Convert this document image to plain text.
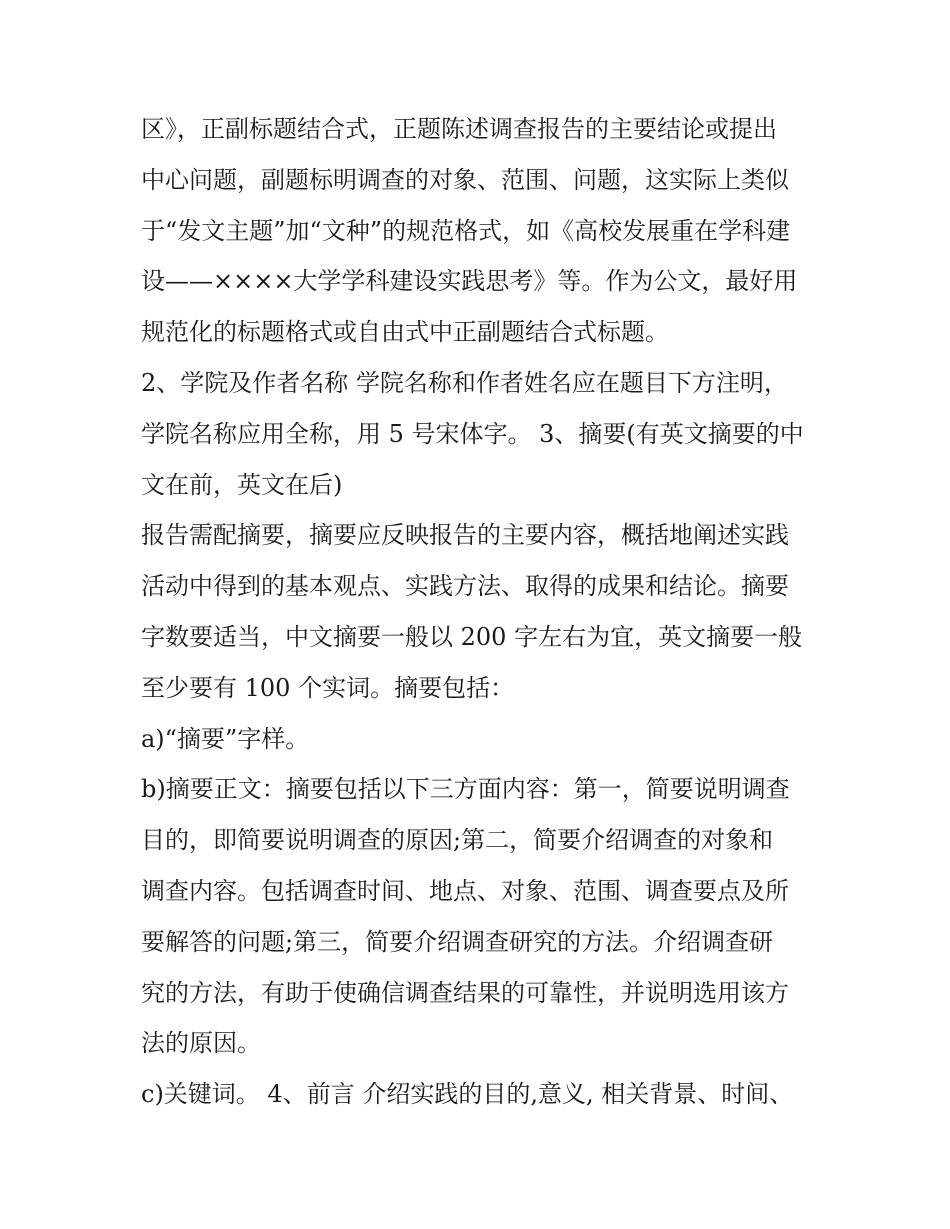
区》，正副标题结合式，正题陈述调查报告的主要结论或提出
中心问题，副题标明调查的对象、范围、问题，这实际上类似
于“发文主题”加“文种”的规范格式，如《高校发展重在学科建
设——××××大学学科建设实践思考》等。作为公文，最好用
规范化的标题格式或自由式中正副题结合式标题。
2、学院及作者名称 学院名称和作者姓名应在题目下方注明，
学院名称应用全称，用 5 号宋体字。 3、摘要(有英文摘要的中
文在前，英文在后)
报告需配摘要，摘要应反映报告的主要内容，概括地阐述实践
活动中得到的基本观点、实践方法、取得的成果和结论。摘要
字数要适当，中文摘要一般以 200 字左右为宜，英文摘要一般
至少要有 100 个实词。摘要包括：
a)“摘要”字样。
b)摘要正文：摘要包括以下三方面内容：第一，简要说明调查
目的，即简要说明调查的原因;第二，简要介绍调查的对象和
调查内容。包括调查时间、地点、对象、范围、调查要点及所
要解答的问题;第三，简要介绍调查研究的方法。介绍调查研
究的方法，有助于使确信调查结果的可靠性，并说明选用该方
法的原因。
c)关键词。 4、前言 介绍实践的目的,意义, 相关背景、时间、
